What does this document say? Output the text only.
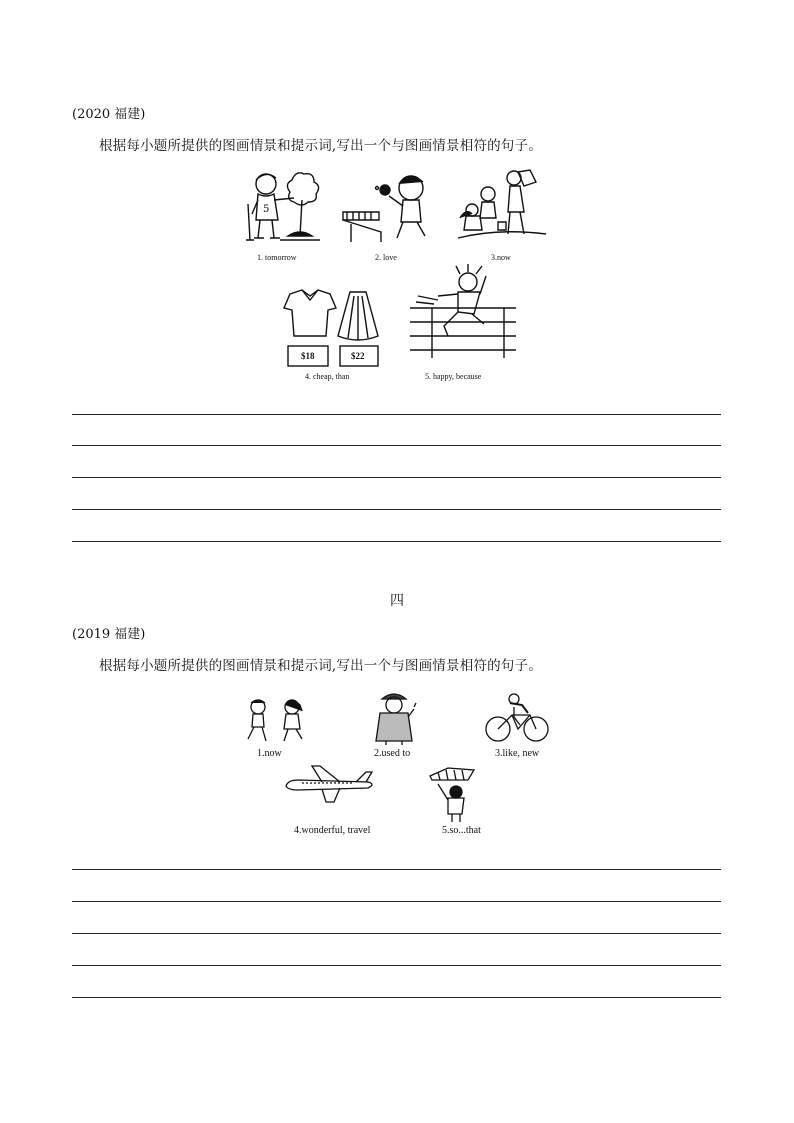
(2020 福建)
根据每小题所提供的图画情景和提示词,写出一个与图画情景相符的句子。
5
1. tomorrow	2. love	3.now
$18	$22
4. cheap, than	5. happy, because
四
(2019 福建)
根据每小题所提供的图画情景和提示词,写出一个与图画情景相符的句子。
1.now	2.used to	3.like, new
4.wonderful, travel	5.so...that
